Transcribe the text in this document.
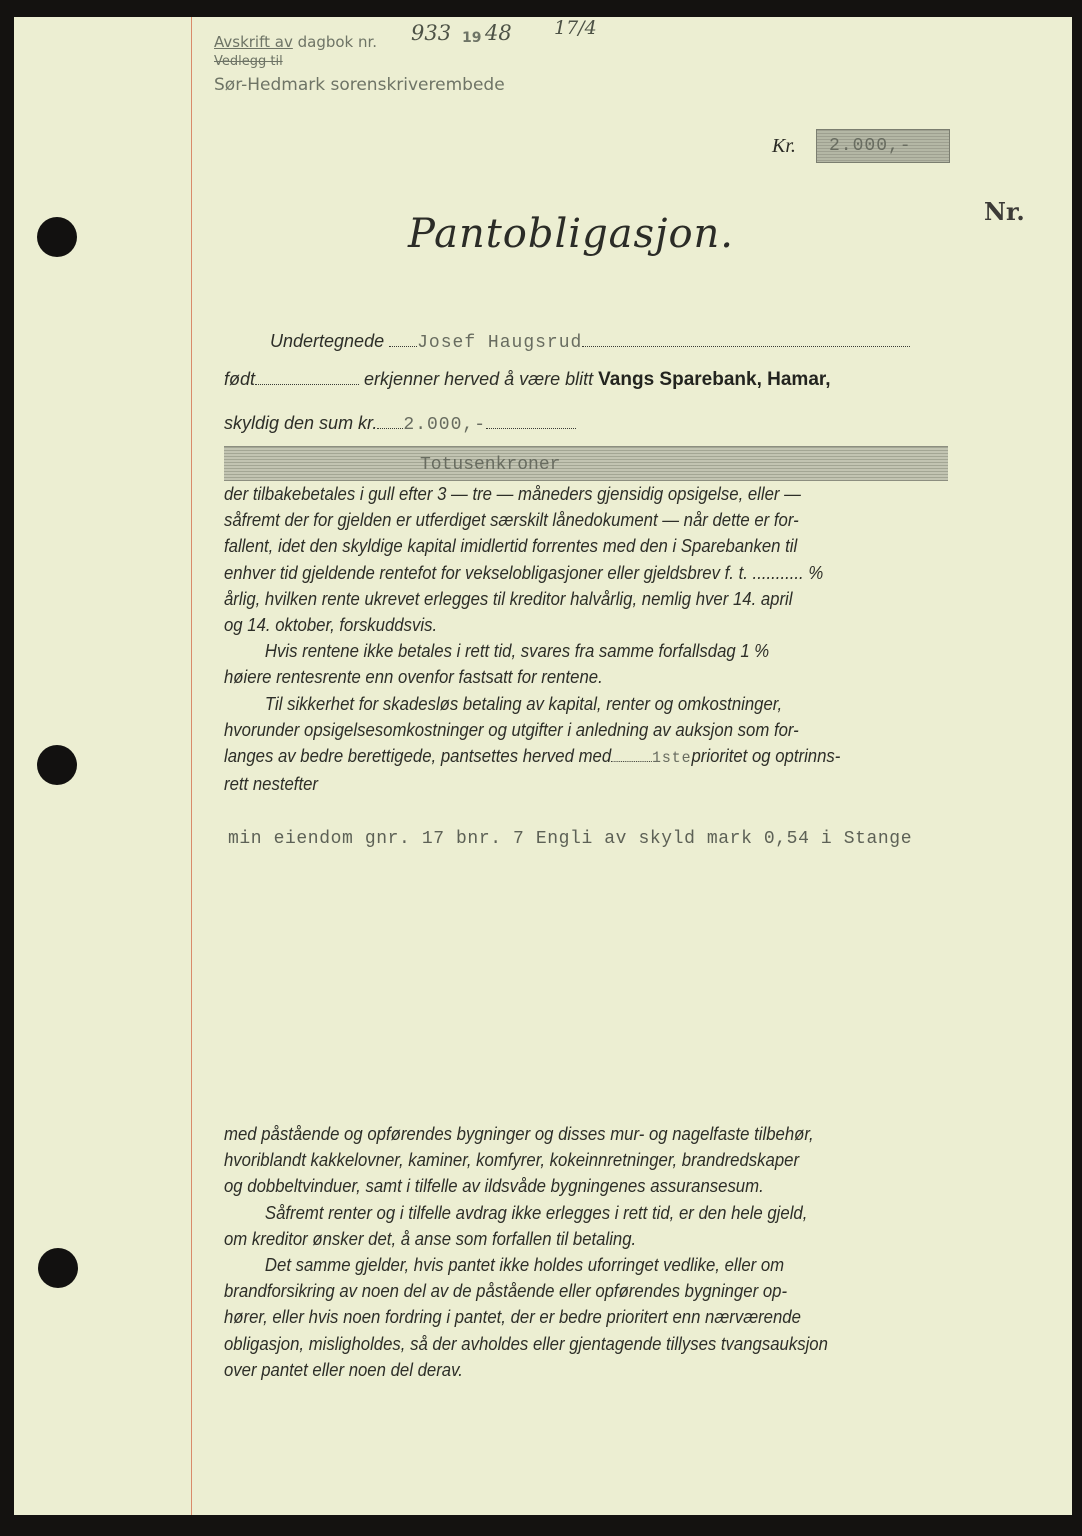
Avskrift av dagbok nr. 933 19 48 17/4
Vedlegg til
Sør-Hedmark sorenskriverembede
Kr. 2.000,-
Nr.
Pantobligasjon.
Undertegnede Josef Haugsrud
født	erkjenner herved å være blitt Vangs Sparebank, Hamar,
skyldig den sum kr. 2.000,-
Totusenkroner
der tilbakebetales i gull efter 3 — tre — måneders gjensidig opsigelse, eller —
såfremt der for gjelden er utferdiget særskilt lånedokument — når dette er for-
fallent, idet den skyldige kapital imidlertid forrentes med den i Sparebanken til
enhver tid gjeldende rentefot for vekselobligasjoner eller gjeldsbrev f. t. ........... %
årlig, hvilken rente ukrevet erlegges til kreditor halvårlig, nemlig hver 14. april
og 14. oktober, forskuddsvis.
Hvis rentene ikke betales i rett tid, svares fra samme forfallsdag 1 %
høiere rentesrente enn ovenfor fastsatt for rentene.
Til sikkerhet for skadesløs betaling av kapital, renter og omkostninger,
hvorunder opsigelsesomkostninger og utgifter i anledning av auksjon som for-
langes av bedre berettigede, pantsettes herved med	1steprioritet og optrinns-
rett nestefter
min eiendom gnr. 17 bnr. 7 Engli av skyld mark 0,54 i Stange
med påstående og opførendes bygninger og disses mur- og nagelfaste tilbehør,
hvoriblandt kakkelovner, kaminer, komfyrer, kokeinnretninger, brandredskaper
og dobbeltvinduer, samt i tilfelle av ildsvåde bygningenes assuransesum.
Såfremt renter og i tilfelle avdrag ikke erlegges i rett tid, er den hele gjeld,
om kreditor ønsker det, å anse som forfallen til betaling.
Det samme gjelder, hvis pantet ikke holdes uforringet vedlike, eller om
brandforsikring av noen del av de påstående eller opførendes bygninger op-
hører, eller hvis noen fordring i pantet, der er bedre prioritert enn nærværende
obligasjon, misligholdes, så der avholdes eller gjentagende tillyses tvangsauksjon
over pantet eller noen del derav.
